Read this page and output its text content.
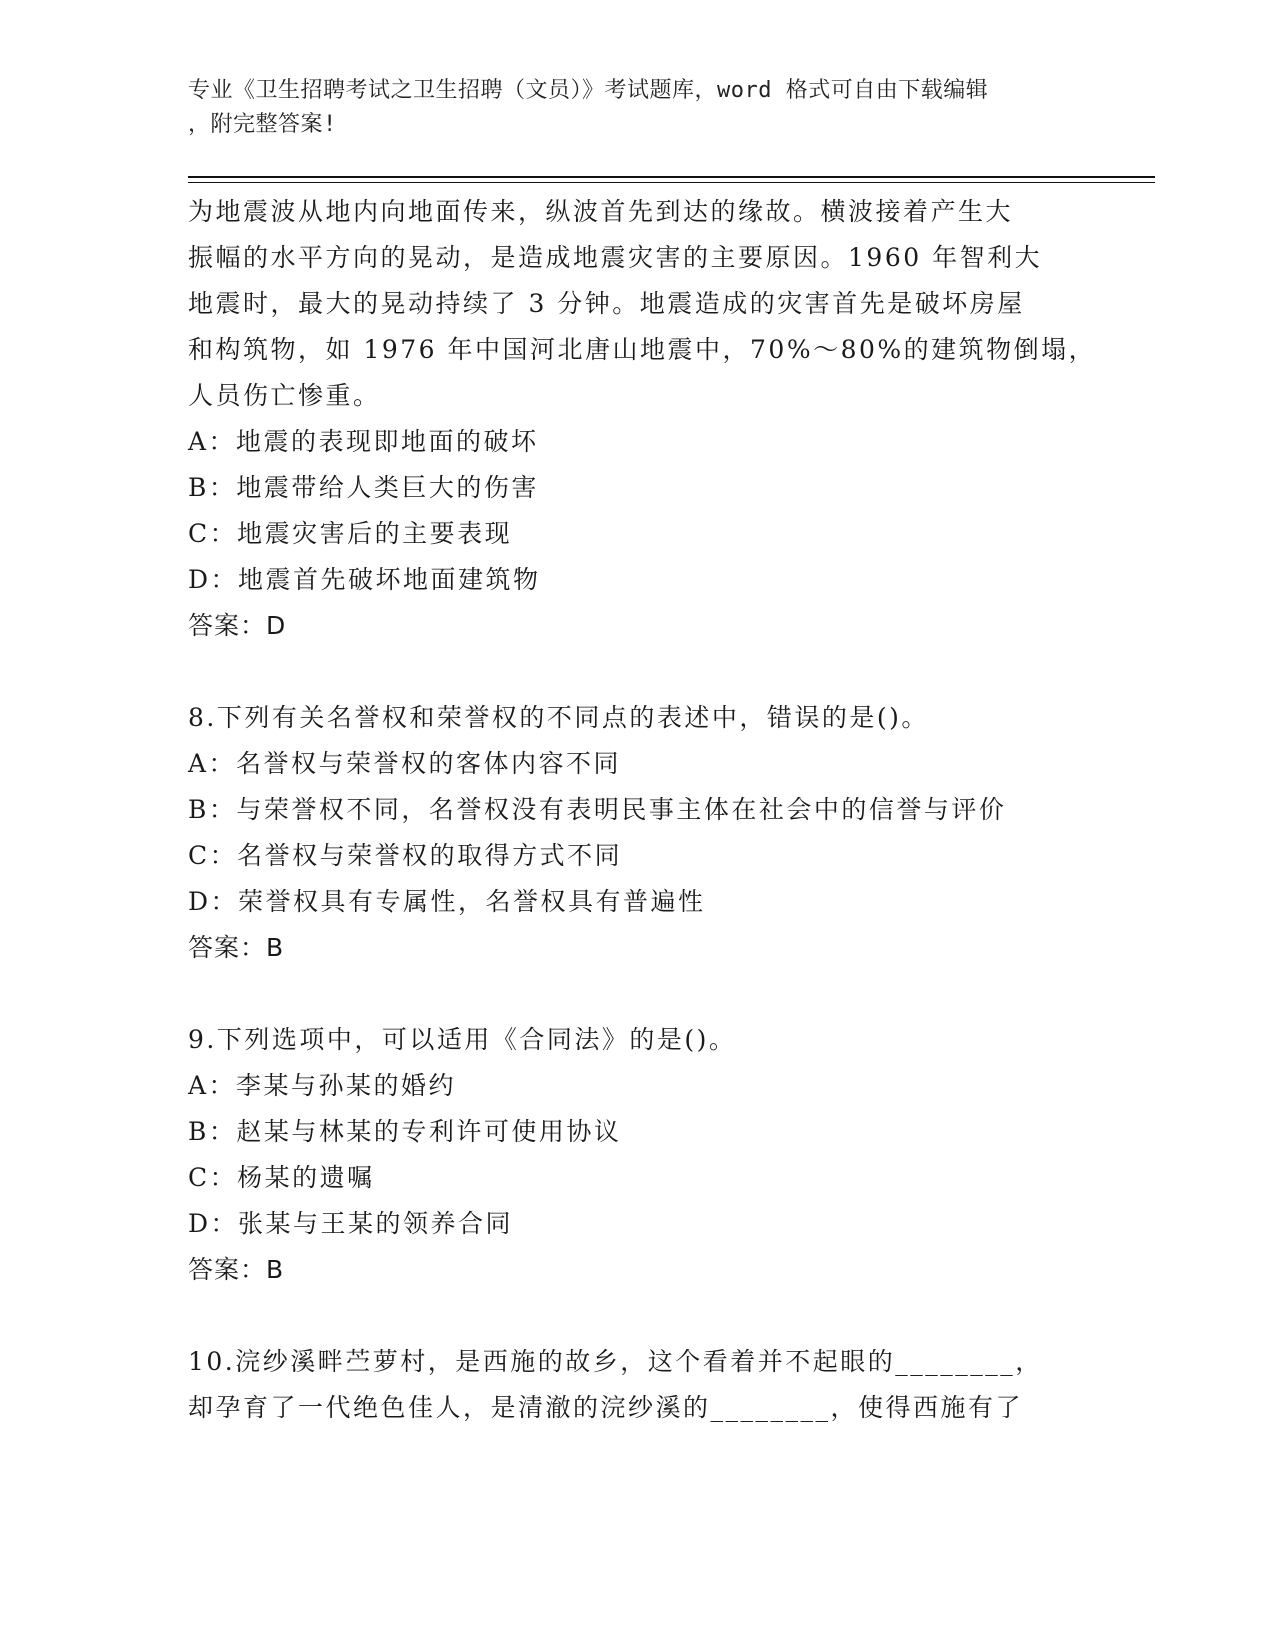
专业《卫生招聘考试之卫生招聘（文员）》考试题库，word 格式可自由下载编辑
，附完整答案!
为地震波从地内向地面传来，纵波首先到达的缘故。横波接着产生大
振幅的水平方向的晃动，是造成地震灾害的主要原因。1960 年智利大
地震时，最大的晃动持续了 3 分钟。地震造成的灾害首先是破坏房屋
和构筑物，如 1976 年中国河北唐山地震中，70%～80%的建筑物倒塌，
人员伤亡惨重。
A：地震的表现即地面的破坏
B：地震带给人类巨大的伤害
C：地震灾害后的主要表现
D：地震首先破坏地面建筑物
答案：D
8.下列有关名誉权和荣誉权的不同点的表述中，错误的是()。
A：名誉权与荣誉权的客体内容不同
B：与荣誉权不同，名誉权没有表明民事主体在社会中的信誉与评价
C：名誉权与荣誉权的取得方式不同
D：荣誉权具有专属性，名誉权具有普遍性
答案：B
9.下列选项中，可以适用《合同法》的是()。
A：李某与孙某的婚约
B：赵某与林某的专利许可使用协议
C：杨某的遗嘱
D：张某与王某的领养合同
答案：B
10.浣纱溪畔苎萝村，是西施的故乡，这个看着并不起眼的________，
却孕育了一代绝色佳人，是清澈的浣纱溪的________，使得西施有了
